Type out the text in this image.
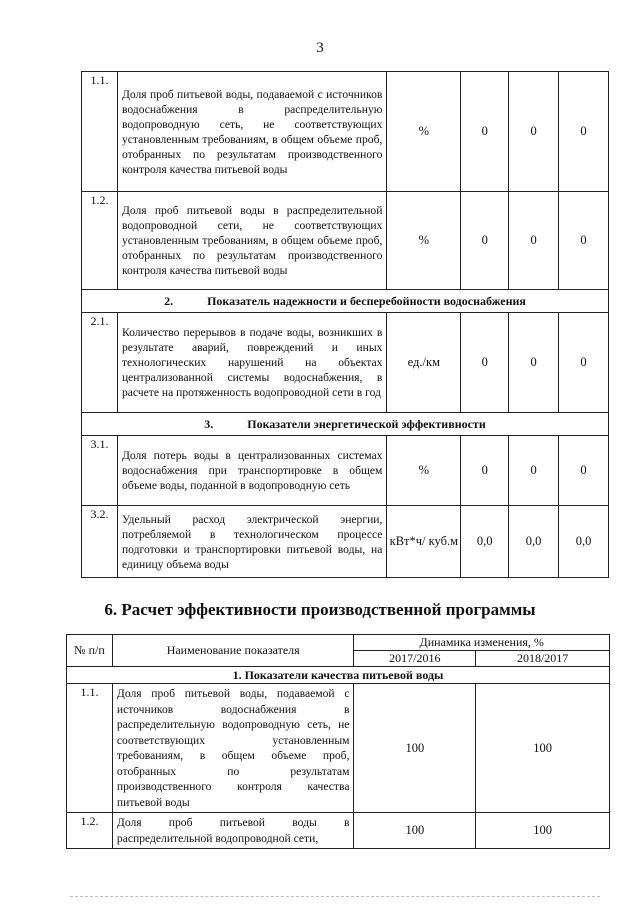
3
1.1.	Доля проб питьевой воды, подаваемой с источников водоснабжения в распределительную водопроводную сеть, не соответствующих установленным требованиям, в общем объеме проб, отобранных по результатам производственного контроля качества питьевой воды	%	0	0	0
1.2.	Доля проб питьевой воды в распределительной водопроводной сети, не соответствующих установленным требованиям, в общем объеме проб, отобранных по результатам производственного контроля качества питьевой воды	%	0	0	0
2. Показатель надежности и бесперебойности водоснабжения					
2.1.	Количество перерывов в подаче воды, возникших в результате аварий, повреждений и иных технологических нарушений на объектах централизованной системы водоснабжения, в расчете на протяженность водопроводной сети в год	ед./км	0	0	0
3. Показатели энергетической эффективности					
3.1.	Доля потерь воды в централизованных системах водоснабжения при транспортировке в общем объеме воды, поданной в водопроводную сеть	%	0	0	0
3.2.	Удельный расход электрической энергии, потребляемой в технологическом процессе подготовки и транспортировки питьевой воды, на единицу объема воды	кВт*ч/ куб.м	0,0	0,0	0,0
6. Расчет эффективности производственной программы
№ п/п	Наименование показателя	Динамика изменения, %	
		2017/2016	2018/2017
1. Показатели качества питьевой воды			
1.1.	Доля проб питьевой воды, подаваемой с источников водоснабжения в распределительную водопроводную сеть, не соответствующих установленным требованиям, в общем объеме проб, отобранных по результатам производственного контроля качества питьевой воды	100	100
1.2.	Доля проб питьевой воды в распределительной водопроводной сети,	100	100
